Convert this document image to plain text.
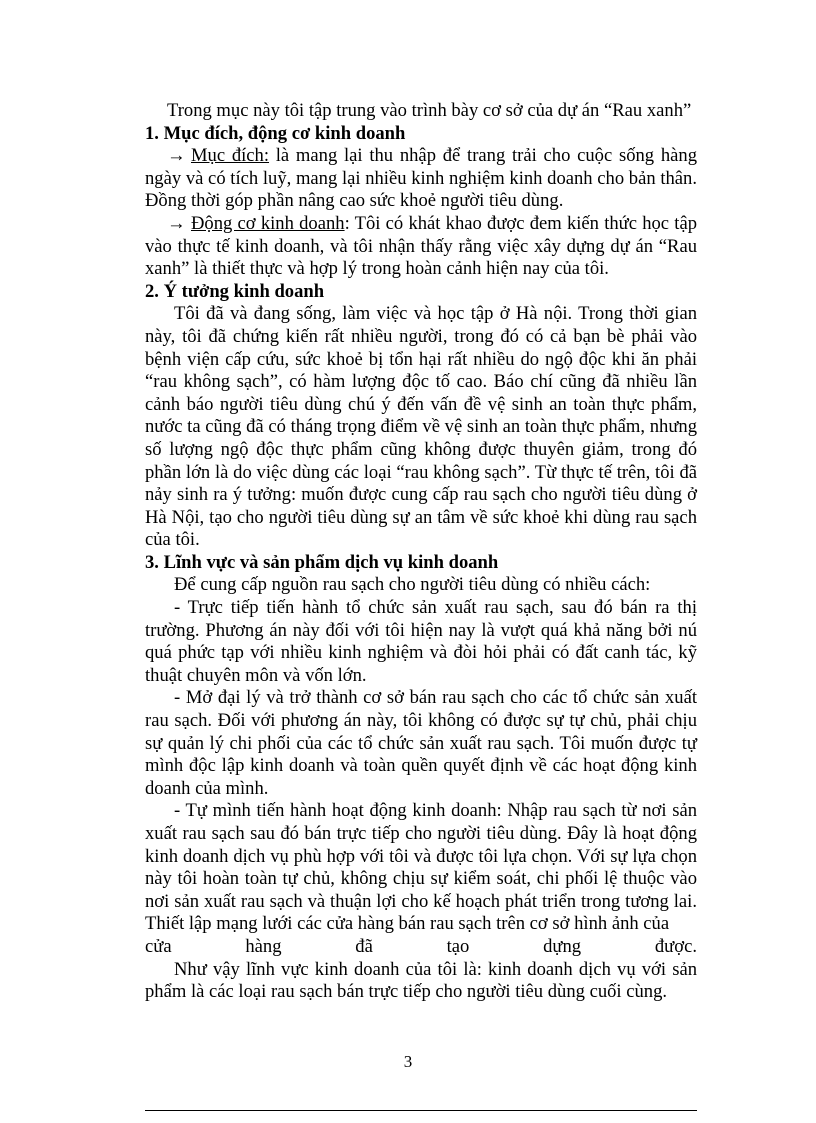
Trong mục này tôi tập trung vào trình bày cơ sở của dự án “Rau xanh”

1. Mục đích, động cơ kinh doanh

→ Mục đích: là mang lại thu nhập để trang trải cho cuộc sống hàng ngày và có tích luỹ, mang lại nhiều kinh nghiệm kinh doanh cho bản thân. Đồng thời góp phần nâng cao sức khoẻ người tiêu dùng.

→ Động cơ kinh doanh: Tôi có khát khao được đem kiến thức học tập vào thực tế kinh doanh, và tôi nhận thấy rằng việc xây dựng dự án “Rau xanh” là thiết thực và hợp lý trong hoàn cảnh hiện nay của tôi.

2. Ý tưởng kinh doanh

Tôi đã và đang sống, làm việc và học tập ở Hà nội. Trong thời gian này, tôi đã chứng kiến rất nhiều người, trong đó có cả bạn bè phải vào bệnh viện cấp cứu, sức khoẻ bị tổn hại rất nhiều do ngộ độc khi ăn phải “rau không sạch”, có hàm lượng độc tố cao. Báo chí cũng đã nhiều lần cảnh báo người tiêu dùng chú ý đến vấn đề vệ sinh an toàn thực phẩm, nước ta cũng đã có tháng trọng điểm về vệ sinh an toàn thực phẩm, nhưng số lượng ngộ độc thực phẩm cũng không được thuyên giảm, trong đó phần lớn là do việc dùng các loại “rau không sạch”. Từ thực tế trên, tôi đã nảy sinh ra ý tưởng: muốn được cung cấp rau sạch cho người tiêu dùng ở Hà Nội, tạo cho người tiêu dùng sự an tâm về sức khoẻ khi dùng rau sạch của tôi.

3. Lĩnh vực và sản phẩm dịch vụ kinh doanh

Để cung cấp nguồn rau sạch cho người tiêu dùng có nhiều cách:

- Trực tiếp tiến hành tổ chức sản xuất rau sạch, sau đó bán ra thị trường. Phương án này đối với tôi hiện nay là vượt quá khả năng bởi nú quá phức tạp với nhiều kinh nghiệm và đòi hỏi phải có đất canh tác, kỹ thuật chuyên môn và vốn lớn.

- Mở đại lý và trở thành cơ sở bán rau sạch cho các tổ chức sản xuất rau sạch. Đối với phương án này, tôi không có được sự tự chủ, phải chịu sự quản lý chi phối của các tổ chức sản xuất rau sạch. Tôi muốn được tự mình độc lập kinh doanh và toàn quền quyết định về các hoạt động kinh doanh của mình.

- Tự mình tiến hành hoạt động kinh doanh: Nhập rau sạch từ nơi sản xuất rau sạch sau đó bán trực tiếp cho người tiêu dùng. Đây là hoạt động kinh doanh dịch vụ phù hợp với tôi và được tôi lựa chọn. Với sự lựa chọn này tôi hoàn toàn tự chủ, không chịu sự kiểm soát, chi phối lệ thuộc vào nơi sản xuất rau sạch và thuận lợi cho kế hoạch phát triển trong tương lai. Thiết lập mạng lưới các cửa hàng bán rau sạch trên cơ sở hình ảnh của

cửa hàng đã tạo dựng được.

Như vậy lĩnh vực kinh doanh của tôi là: kinh doanh dịch vụ với sản phẩm là các loại rau sạch bán trực tiếp cho người tiêu dùng cuối cùng.

3
